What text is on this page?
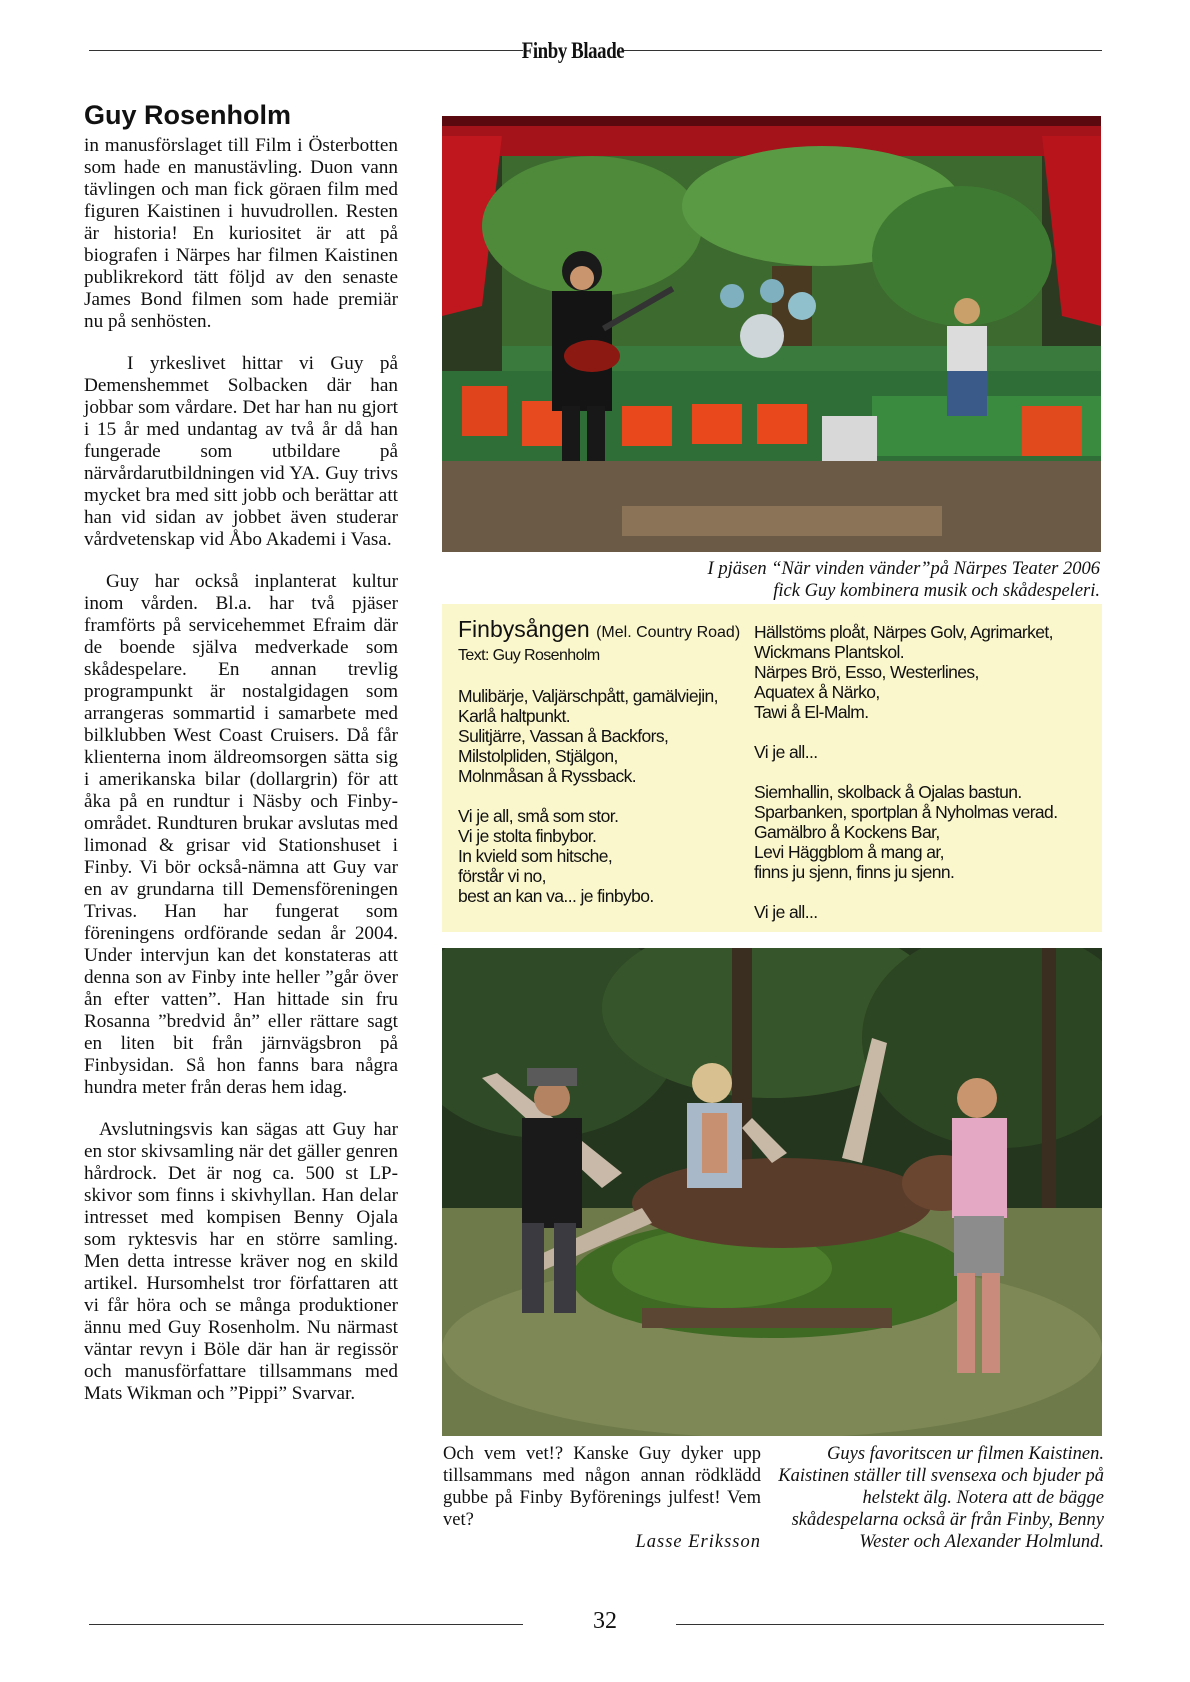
Finby Blaade
Guy Rosenholm

in manusförslaget till Film i Österbotten som hade en manustävling. Duon vann tävlingen och man fick göraen film med figuren Kaistinen i huvudrollen. Resten är historia! En kuriositet är att på biografen i Närpes har filmen Kaistinen publikrekord tätt följd av den senaste James Bond filmen som hade premiär nu på senhösten.

I yrkeslivet hittar vi Guy på Demenshemmet Solbacken där han jobbar som vårdare. Det har han nu gjort i 15 år med undantag av två år då han fungerade som utbildare på närvårdarutbildningen vid YA. Guy trivs mycket bra med sitt jobb och berättar att han vid sidan av jobbet även studerar vårdvetenskap vid Åbo Akademi i Vasa.

Guy har också inplanterat kultur inom vården. Bl.a. har två pjäser framförts på servicehemmet Efraim där de boende själva medverkade som skådespelare. En annan trevlig programpunkt är nostalgidagen som arrangeras sommartid i samarbete med bilklubben West Coast Cruisers. Då får klienterna inom äldreomsorgen sätta sig i amerikanska bilar (dollargrin) för att åka på en rundtur i Näsby och Finby-området. Rundturen brukar avslutas med limonad & grisar vid Stationshuset i Finby. Vi bör också-nämna att Guy var en av grundarna till Demensföreningen Trivas. Han har fungerat som föreningens ordförande sedan år 2004. Under intervjun kan det konstateras att denna son av Finby inte heller ”går över ån efter vatten”. Han hittade sin fru Rosanna ”bredvid ån” eller rättare sagt en liten bit från järnvägsbron på Finbysidan. Så hon fanns bara några hundra meter från deras hem idag.

Avslutningsvis kan sägas att Guy har en stor skivsamling när det gäller genren hårdrock. Det är nog ca. 500 st LP-skivor som finns i skivhyllan. Han delar intresset med kompisen Benny Ojala som ryktesvis har en större samling. Men detta intresse kräver nog en skild artikel. Hursomhelst tror författaren att vi får höra och se många produktioner ännu med Guy Rosenholm. Nu närmast väntar revyn i Böle där han är regissör och manusförfattare tillsammans med Mats Wikman och ”Pippi” Svarvar.

I pjäsen “När vinden vänder”på Närpes Teater 2006
fick Guy kombinera musik och skådespeleri.
Finbysången (Mel. Country Road)
Text: Guy Rosenholm
Mulibärje, Valjärschpått, gamälviejin,
Karlå haltpunkt.
Sulitjärre, Vassan å Backfors,
Milstolpliden, Stjälgon,
Molnmåsan å Ryssback.
Vi je all, små som stor.
Vi je stolta finbybor.
In kvield som hitsche,
förstår vi no,
best an kan va... je finbybo.
Hällstöms ploåt, Närpes Golv, Agrimarket,
Wickmans Plantskol.
Närpes Brö, Esso, Westerlines,
Aquatex å Närko,
Tawi å El-Malm.
Vi je all...
Siemhallin, skolback å Ojalas bastun.
Sparbanken, sportplan å Nyholmas verad.
Gamälbro å Kockens Bar,
Levi Häggblom å mang ar,
finns ju sjenn, finns ju sjenn.
Vi je all...
Och vem vet!? Kanske Guy dyker upp tillsammans med någon annan rödklädd gubbe på Finby Byförenings julfest! Vem vet?
Lasse Eriksson
Guys favoritscen ur filmen Kaistinen. Kaistinen ställer till svensexa och bjuder på helstekt älg. Notera att de bägge skådespelarna också är från Finby, Benny Wester och Alexander Holmlund.
32
